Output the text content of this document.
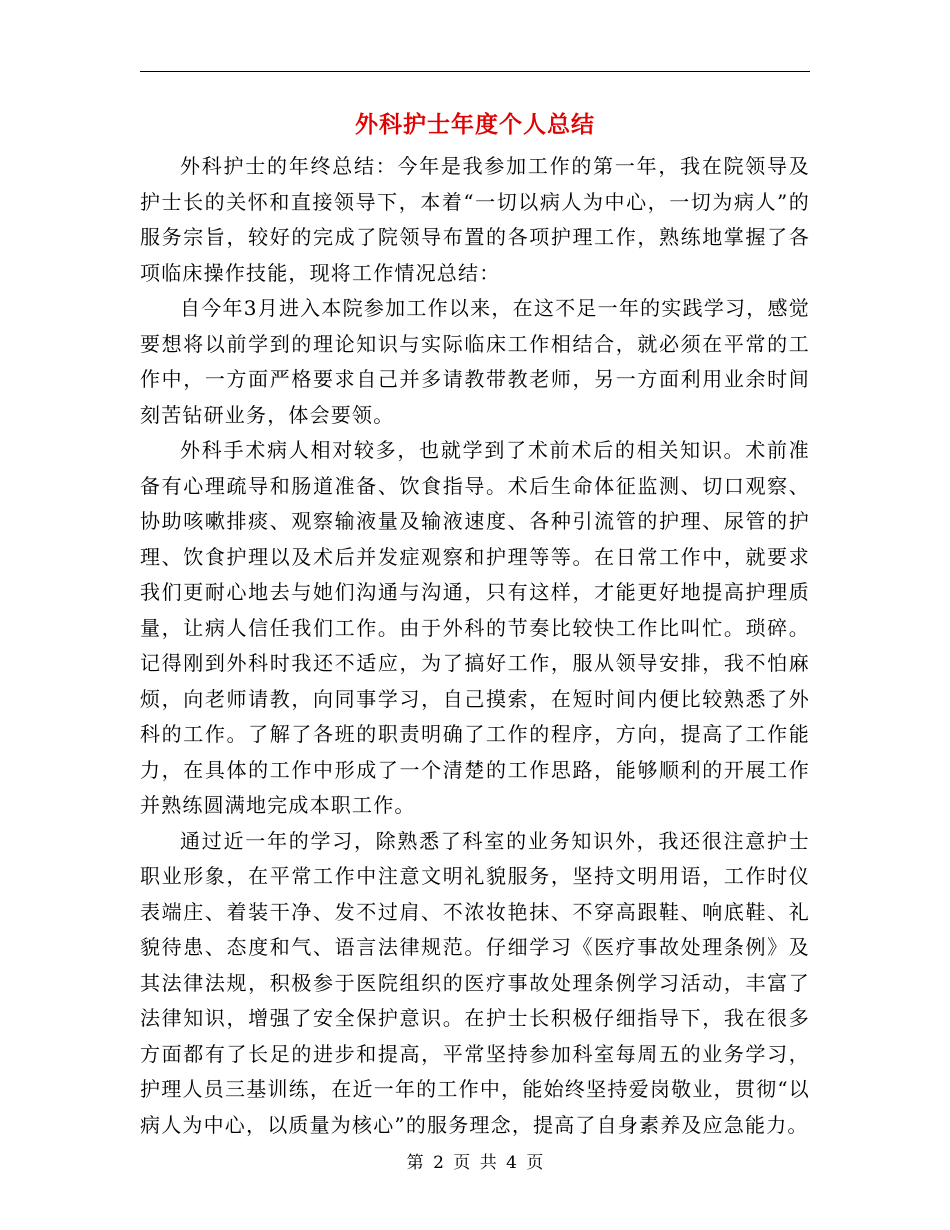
外科护士年度个人总结

外科护士的年终总结：今年是我参加工作的第一年，我在院领导及护士长的关怀和直接领导下，本着“一切以病人为中心，一切为病人”的服务宗旨，较好的完成了院领导布置的各项护理工作，熟练地掌握了各项临床操作技能，现将工作情况总结：

自今年3月进入本院参加工作以来，在这不足一年的实践学习，感觉要想将以前学到的理论知识与实际临床工作相结合，就必须在平常的工作中，一方面严格要求自己并多请教带教老师，另一方面利用业余时间刻苦钻研业务，体会要领。

外科手术病人相对较多，也就学到了术前术后的相关知识。术前准备有心理疏导和肠道准备、饮食指导。术后生命体征监测、切口观察、协助咳嗽排痰、观察输液量及输液速度、各种引流管的护理、尿管的护理、饮食护理以及术后并发症观察和护理等等。在日常工作中，就要求我们更耐心地去与她们沟通与沟通，只有这样，才能更好地提高护理质量，让病人信任我们工作。由于外科的节奏比较快工作比叫忙。琐碎。记得刚到外科时我还不适应，为了搞好工作，服从领导安排，我不怕麻烦，向老师请教，向同事学习，自己摸索，在短时间内便比较熟悉了外科的工作。了解了各班的职责明确了工作的程序，方向，提高了工作能力，在具体的工作中形成了一个清楚的工作思路，能够顺利的开展工作并熟练圆满地完成本职工作。

通过近一年的学习，除熟悉了科室的业务知识外，我还很注意护士职业形象，在平常工作中注意文明礼貌服务，坚持文明用语，工作时仪表端庄、着装干净、发不过肩、不浓妆艳抹、不穿高跟鞋、响底鞋、礼貌待患、态度和气、语言法律规范。仔细学习《医疗事故处理条例》及其法律法规，积极参于医院组织的医疗事故处理条例学习活动，丰富了法律知识，增强了安全保护意识。在护士长积极仔细指导下，我在很多方面都有了长足的进步和提高，平常坚持参加科室每周五的业务学习，护理人员三基训练，在近一年的工作中，能始终坚持爱岗敬业，贯彻“以病人为中心，以质量为核心”的服务理念，提高了自身素养及应急能力。

第 2 页 共 4 页
